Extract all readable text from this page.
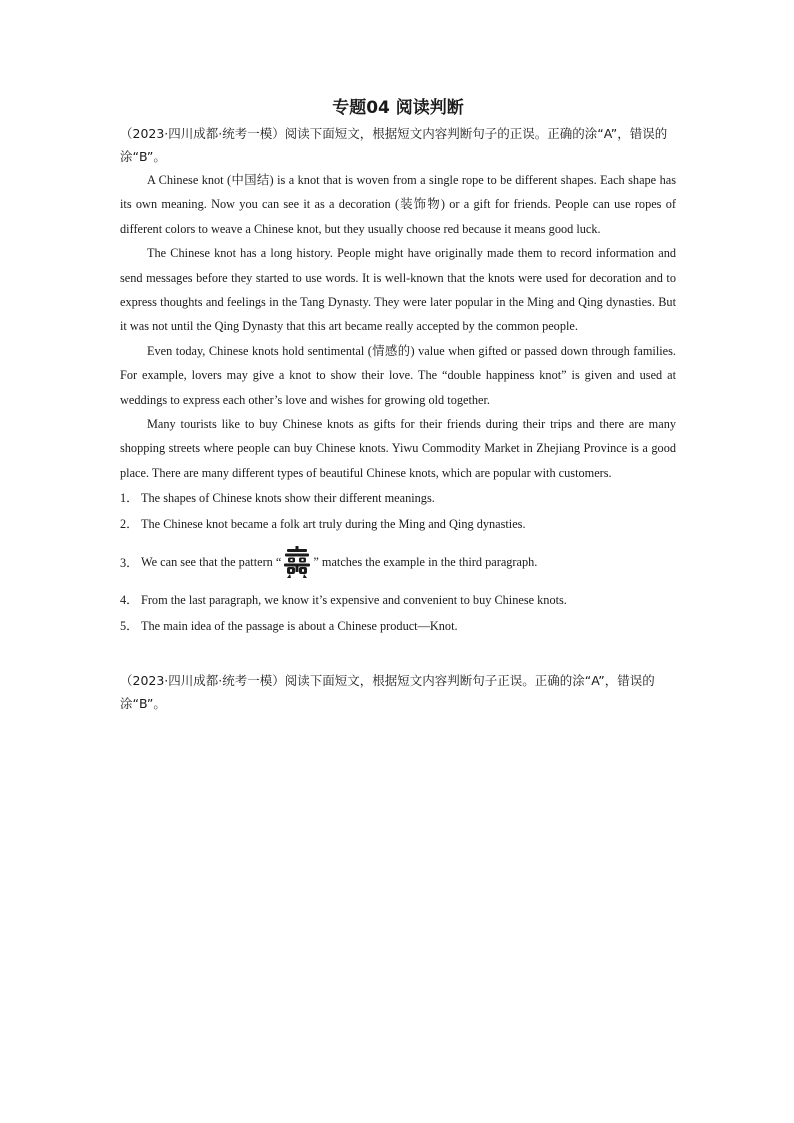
专题04 阅读判断

（2023·四川成都·统考一模）阅读下面短文，根据短文内容判断句子的正误。正确的涂“A”，错误的涂“B”。

A Chinese knot (中国结) is a knot that is woven from a single rope to be different shapes. Each shape has its own meaning. Now you can see it as a decoration (装饰物) or a gift for friends. People can use ropes of different colors to weave a Chinese knot, but they usually choose red because it means good luck.

The Chinese knot has a long history. People might have originally made them to record information and send messages before they started to use words. It is well-known that the knots were used for decoration and to express thoughts and feelings in the Tang Dynasty. They were later popular in the Ming and Qing dynasties. But it was not until the Qing Dynasty that this art became really accepted by the common people.

Even today, Chinese knots hold sentimental (情感的) value when gifted or passed down through families. For example, lovers may give a knot to show their love. The “double happiness knot” is given and used at weddings to express each other’s love and wishes for growing old together.

Many tourists like to buy Chinese knots as gifts for their friends during their trips and there are many shopping streets where people can buy Chinese knots. Yiwu Commodity Market in Zhejiang Province is a good place. There are many different types of beautiful Chinese knots, which are popular with customers.

1． The shapes of Chinese knots show their different meanings.
2． The Chinese knot became a folk art truly during the Ming and Qing dynasties.
3． We can see that the pattern “	” matches the example in the third paragraph.
4． From the last paragraph, we know it’s expensive and convenient to buy Chinese knots.
5． The main idea of the passage is about a Chinese product—Knot.

（2023·四川成都·统考一模）阅读下面短文，根据短文内容判断句子正误。正确的涂“A”，错误的涂“B”。
